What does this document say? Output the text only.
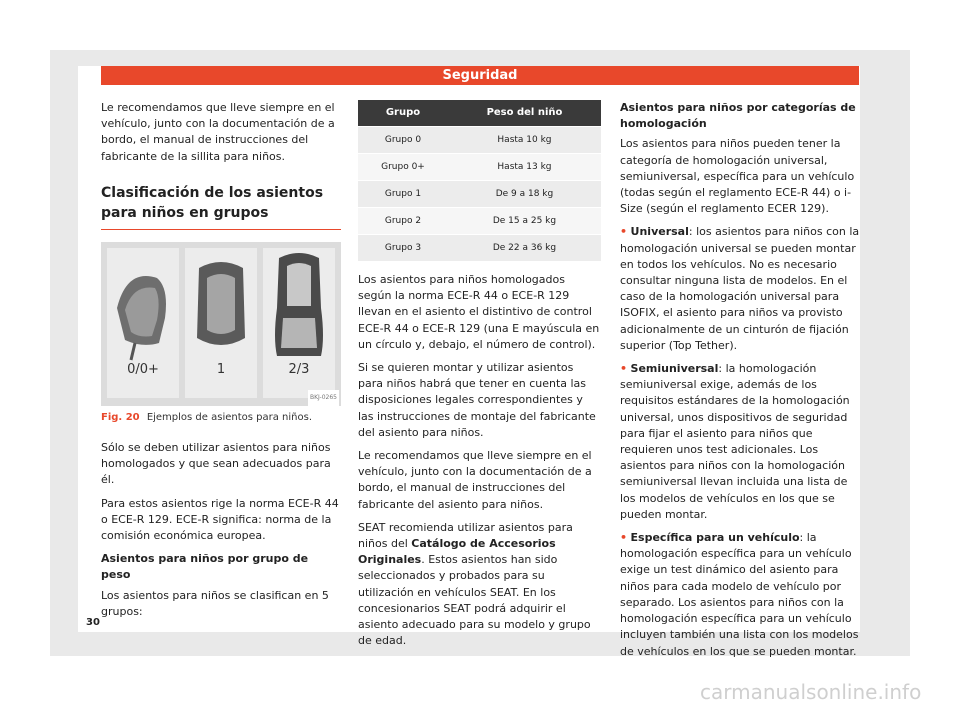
Seguridad

Le recomendamos que lleve siempre en el vehículo, junto con la documentación de a bordo, el manual de instrucciones del fabricante de la sillita para niños.

Clasificación de los asientos para niños en grupos
0/0+	1	2/3
BKJ-0265
Fig. 20 Ejemplos de asientos para niños.

Sólo se deben utilizar asientos para niños homologados y que sean adecuados para él.

Para estos asientos rige la norma ECE-R 44 o ECE-R 129. ECE-R significa: norma de la comisión económica europea.

Asientos para niños por grupo de peso

Los asientos para niños se clasifican en 5 grupos:

Grupo	Peso del niño
Grupo 0	Hasta 10 kg
Grupo 0+	Hasta 13 kg
Grupo 1	De 9 a 18 kg
Grupo 2	De 15 a 25 kg
Grupo 3	De 22 a 36 kg

Los asientos para niños homologados según la norma ECE-R 44 o ECE-R 129 llevan en el asiento el distintivo de control ECE-R 44 o ECE-R 129 (una E mayúscula en un círculo y, debajo, el número de control).

Si se quieren montar y utilizar asientos para niños habrá que tener en cuenta las disposiciones legales correspondientes y las instrucciones de montaje del fabricante del asiento para niños.

Le recomendamos que lleve siempre en el vehículo, junto con la documentación de a bordo, el manual de instrucciones del fabricante del asiento para niños.

SEAT recomienda utilizar asientos para niños del Catálogo de Accesorios Originales. Estos asientos han sido seleccionados y probados para su utilización en vehículos SEAT. En los concesionarios SEAT podrá adquirir el asiento adecuado para su modelo y grupo de edad.

Asientos para niños por categorías de homologación

Los asientos para niños pueden tener la categoría de homologación universal, semiuniversal, específica para un vehículo (todas según el reglamento ECE-R 44) o i-Size (según el reglamento ECER 129).

• Universal: los asientos para niños con la homologación universal se pueden montar en todos los vehículos. No es necesario consultar ninguna lista de modelos. En el caso de la homologación universal para ISOFIX, el asiento para niños va provisto adicionalmente de un cinturón de fijación superior (Top Tether).

• Semiuniversal: la homologación semiuniversal exige, además de los requisitos estándares de la homologación universal, unos dispositivos de seguridad para fijar el asiento para niños que requieren unos test adicionales. Los asientos para niños con la homologación semiuniversal llevan incluida una lista de los modelos de vehículos en los que se pueden montar.

• Específica para un vehículo: la homologación específica para un vehículo exige un test dinámico del asiento para niños para cada modelo de vehículo por separado. Los asientos para niños con la homologación específica para un vehículo incluyen también una lista con los modelos de vehículos en los que se pueden montar.

30
carmanualsonline.info
